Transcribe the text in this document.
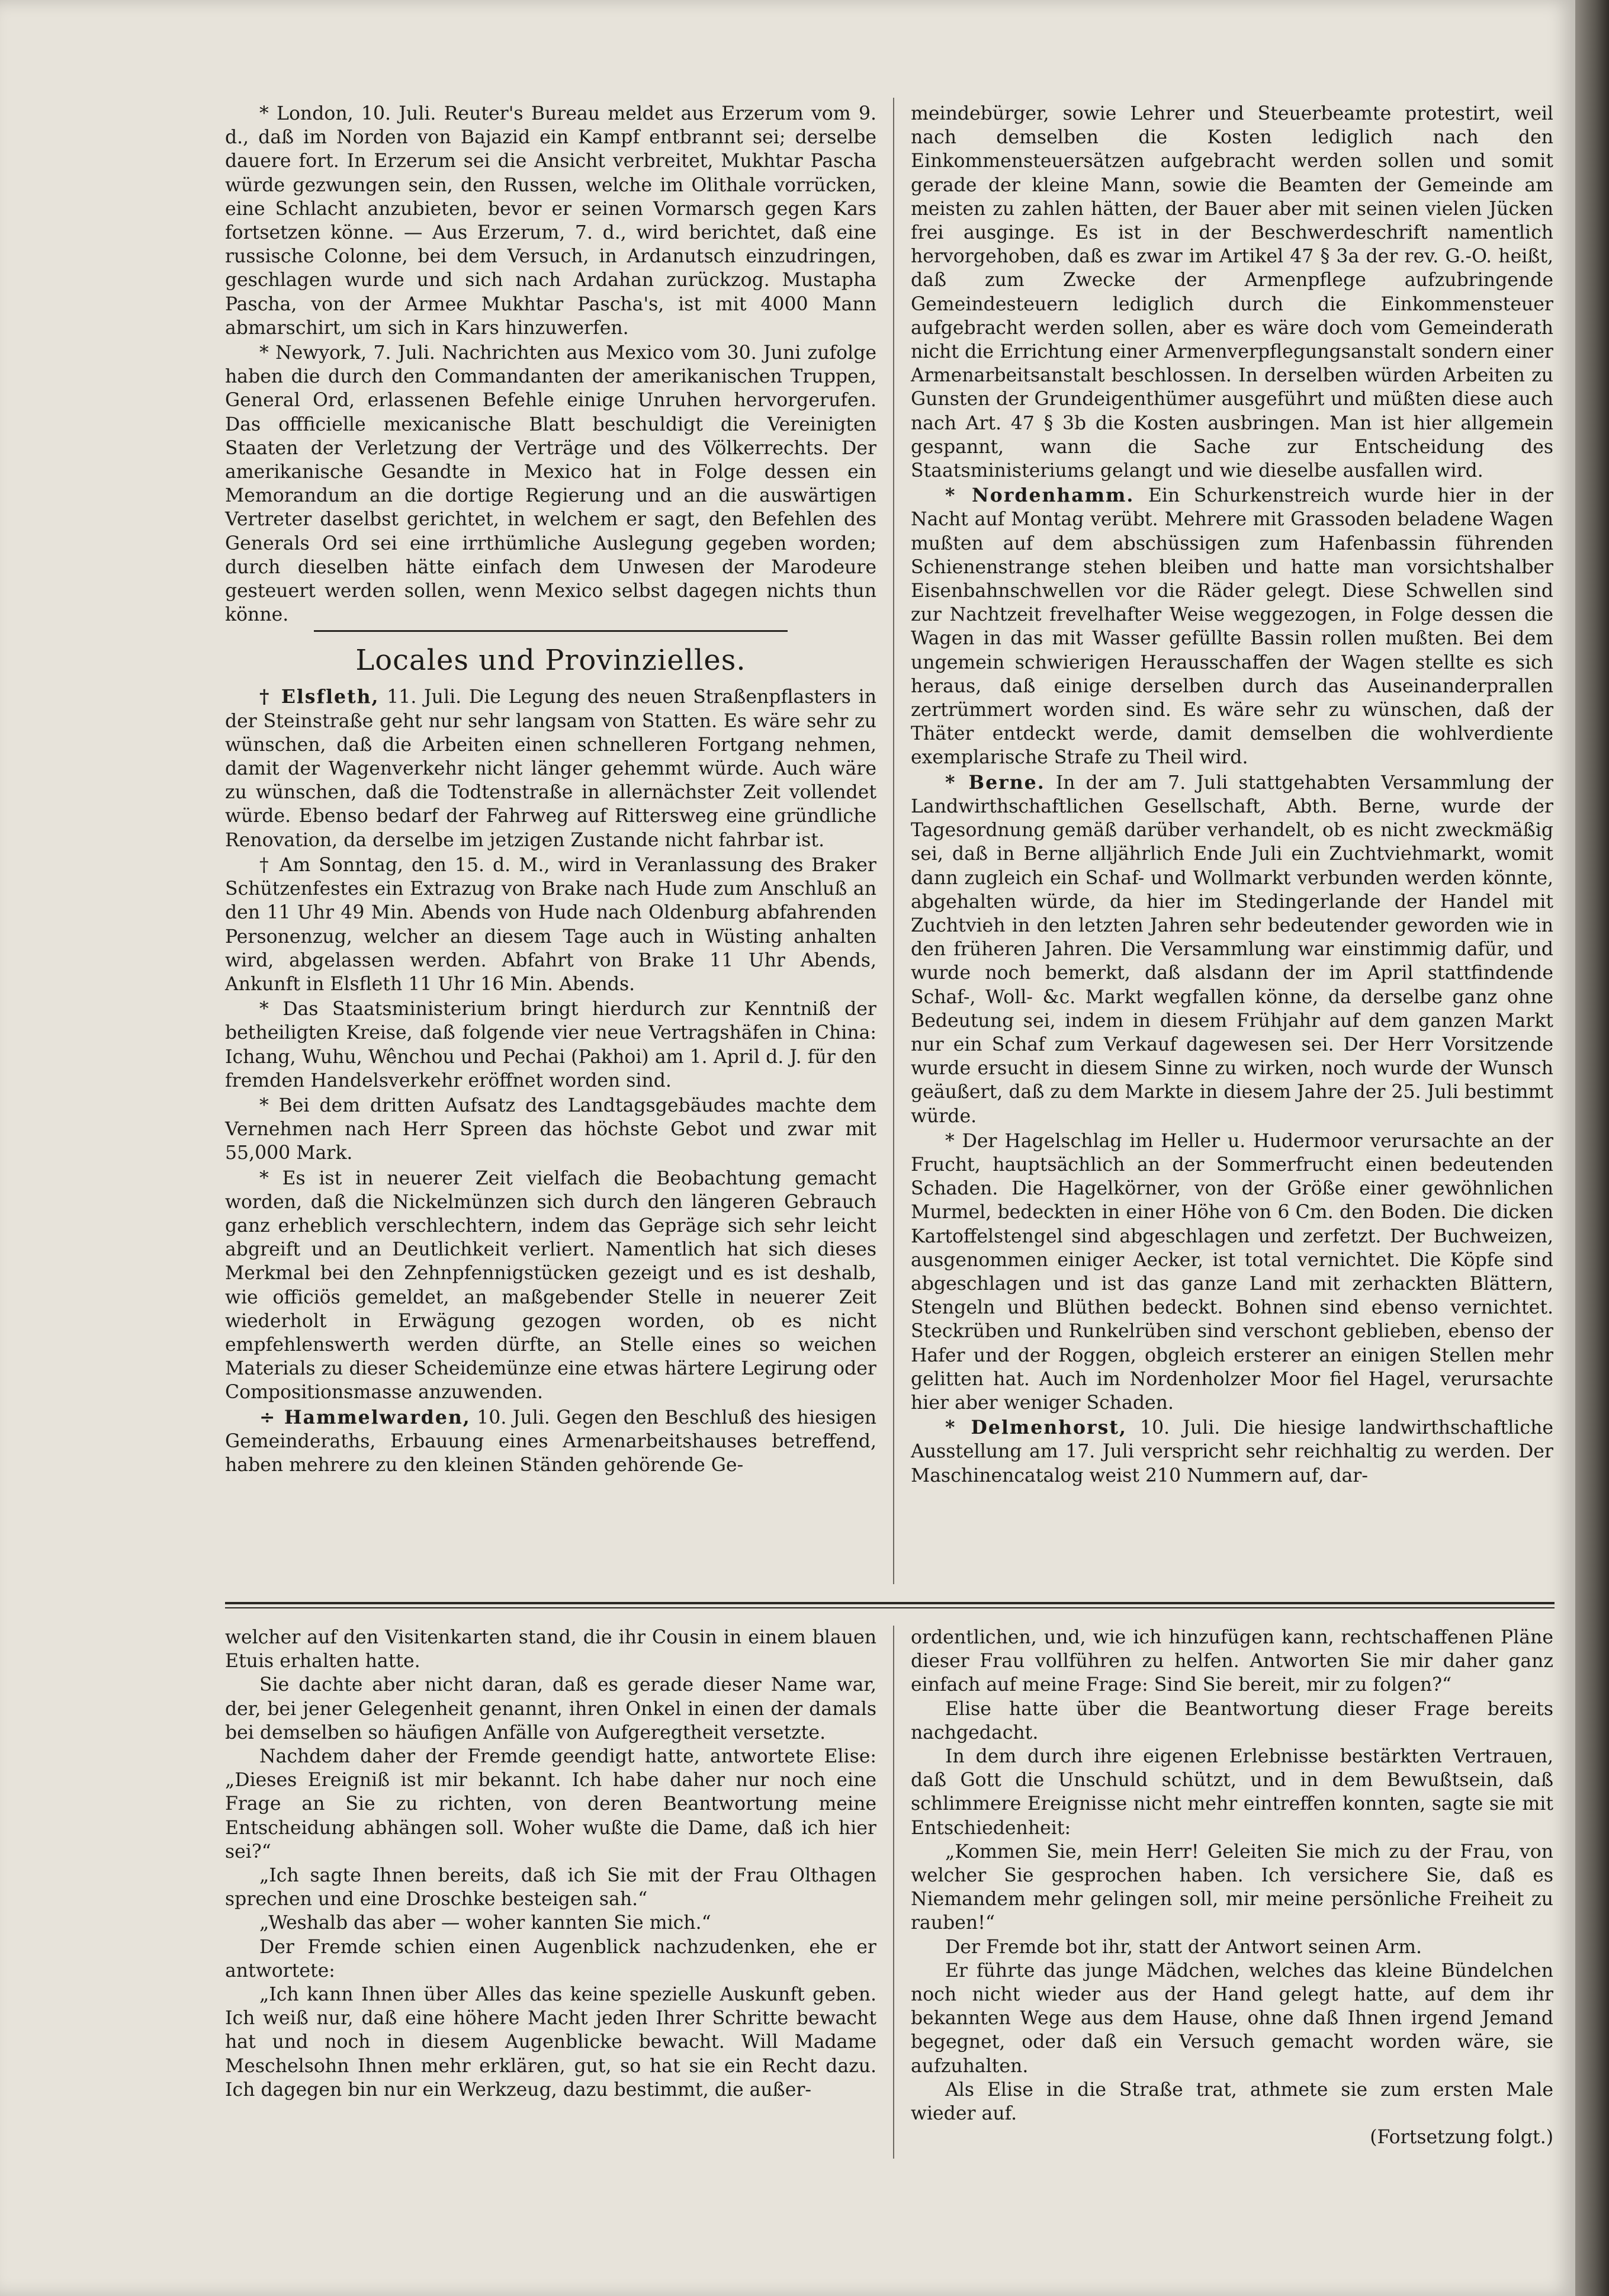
* London, 10. Juli. Reuter's Bureau meldet aus Erzerum vom 9. d., daß im Norden von Bajazid ein Kampf entbrannt sei; derselbe dauere fort. In Erzerum sei die Ansicht verbreitet, Mukhtar Pascha würde gezwungen sein, den Russen, welche im Olithale vorrücken, eine Schlacht anzubieten, bevor er seinen Vormarsch gegen Kars fortsetzen könne. — Aus Erzerum, 7. d., wird berichtet, daß eine russische Colonne, bei dem Versuch, in Ardanutsch einzudringen, geschlagen wurde und sich nach Ardahan zurückzog. Mustapha Pascha, von der Armee Mukhtar Pascha's, ist mit 4000 Mann abmarschirt, um sich in Kars hinzuwerfen.

* Newyork, 7. Juli. Nachrichten aus Mexico vom 30. Juni zufolge haben die durch den Commandanten der amerikanischen Truppen, General Ord, erlassenen Befehle einige Unruhen hervorgerufen. Das offficielle mexicanische Blatt beschuldigt die Vereinigten Staaten der Verletzung der Verträge und des Völkerrechts. Der amerikanische Gesandte in Mexico hat in Folge dessen ein Memorandum an die dortige Regierung und an die auswärtigen Vertreter daselbst gerichtet, in welchem er sagt, den Befehlen des Generals Ord sei eine irrthümliche Auslegung gegeben worden; durch dieselben hätte einfach dem Unwesen der Marodeure gesteuert werden sollen, wenn Mexico selbst dagegen nichts thun könne.

Locales und Provinzielles.

† Elsfleth, 11. Juli. Die Legung des neuen Straßenpflasters in der Steinstraße geht nur sehr langsam von Statten. Es wäre sehr zu wünschen, daß die Arbeiten einen schnelleren Fortgang nehmen, damit der Wagenverkehr nicht länger gehemmt würde. Auch wäre zu wünschen, daß die Todtenstraße in allernächster Zeit vollendet würde. Ebenso bedarf der Fahrweg auf Rittersweg eine gründliche Renovation, da derselbe im jetzigen Zustande nicht fahrbar ist.

† Am Sonntag, den 15. d. M., wird in Veranlassung des Braker Schützenfestes ein Extrazug von Brake nach Hude zum Anschluß an den 11 Uhr 49 Min. Abends von Hude nach Oldenburg abfahrenden Personenzug, welcher an diesem Tage auch in Wüsting anhalten wird, abgelassen werden. Abfahrt von Brake 11 Uhr Abends, Ankunft in Elsfleth 11 Uhr 16 Min. Abends.

* Das Staatsministerium bringt hierdurch zur Kenntniß der betheiligten Kreise, daß folgende vier neue Vertragshäfen in China: Ichang, Wuhu, Wênchou und Pechai (Pakhoi) am 1. April d. J. für den fremden Handelsverkehr eröffnet worden sind.

* Bei dem dritten Aufsatz des Landtagsgebäudes machte dem Vernehmen nach Herr Spreen das höchste Gebot und zwar mit 55,000 Mark.

* Es ist in neuerer Zeit vielfach die Beobachtung gemacht worden, daß die Nickelmünzen sich durch den längeren Gebrauch ganz erheblich verschlechtern, indem das Gepräge sich sehr leicht abgreift und an Deutlichkeit verliert. Namentlich hat sich dieses Merkmal bei den Zehnpfennigstücken gezeigt und es ist deshalb, wie officiös gemeldet, an maßgebender Stelle in neuerer Zeit wiederholt in Erwägung gezogen worden, ob es nicht empfehlenswerth werden dürfte, an Stelle eines so weichen Materials zu dieser Scheidemünze eine etwas härtere Legirung oder Compositionsmasse anzuwenden.

÷ Hammelwarden, 10. Juli. Gegen den Beschluß des hiesigen Gemeinderaths, Erbauung eines Armenarbeitshauses betreffend, haben mehrere zu den kleinen Ständen gehörende Ge-

meindebürger, sowie Lehrer und Steuerbeamte protestirt, weil nach demselben die Kosten lediglich nach den Einkommensteuersätzen aufgebracht werden sollen und somit gerade der kleine Mann, sowie die Beamten der Gemeinde am meisten zu zahlen hätten, der Bauer aber mit seinen vielen Jücken frei ausginge. Es ist in der Beschwerdeschrift namentlich hervorgehoben, daß es zwar im Artikel 47 § 3a der rev. G.-O. heißt, daß zum Zwecke der Armenpflege aufzubringende Gemeindesteuern lediglich durch die Einkommensteuer aufgebracht werden sollen, aber es wäre doch vom Gemeinderath nicht die Errichtung einer Armenverpflegungsanstalt sondern einer Armenarbeitsanstalt beschlossen. In derselben würden Arbeiten zu Gunsten der Grundeigenthümer ausgeführt und müßten diese auch nach Art. 47 § 3b die Kosten ausbringen. Man ist hier allgemein gespannt, wann die Sache zur Entscheidung des Staatsministeriums gelangt und wie dieselbe ausfallen wird.

* Nordenhamm. Ein Schurkenstreich wurde hier in der Nacht auf Montag verübt. Mehrere mit Grassoden beladene Wagen mußten auf dem abschüssigen zum Hafenbassin führenden Schienenstrange stehen bleiben und hatte man vorsichtshalber Eisenbahnschwellen vor die Räder gelegt. Diese Schwellen sind zur Nachtzeit frevelhafter Weise weggezogen, in Folge dessen die Wagen in das mit Wasser gefüllte Bassin rollen mußten. Bei dem ungemein schwierigen Herausschaffen der Wagen stellte es sich heraus, daß einige derselben durch das Auseinanderprallen zertrümmert worden sind. Es wäre sehr zu wünschen, daß der Thäter entdeckt werde, damit demselben die wohlverdiente exemplarische Strafe zu Theil wird.

* Berne. In der am 7. Juli stattgehabten Versammlung der Landwirthschaftlichen Gesellschaft, Abth. Berne, wurde der Tagesordnung gemäß darüber verhandelt, ob es nicht zweckmäßig sei, daß in Berne alljährlich Ende Juli ein Zuchtviehmarkt, womit dann zugleich ein Schaf- und Wollmarkt verbunden werden könnte, abgehalten würde, da hier im Stedingerlande der Handel mit Zuchtvieh in den letzten Jahren sehr bedeutender geworden wie in den früheren Jahren. Die Versammlung war einstimmig dafür, und wurde noch bemerkt, daß alsdann der im April stattfindende Schaf-, Woll- &c. Markt wegfallen könne, da derselbe ganz ohne Bedeutung sei, indem in diesem Frühjahr auf dem ganzen Markt nur ein Schaf zum Verkauf dagewesen sei. Der Herr Vorsitzende wurde ersucht in diesem Sinne zu wirken, noch wurde der Wunsch geäußert, daß zu dem Markte in diesem Jahre der 25. Juli bestimmt würde.

* Der Hagelschlag im Heller u. Hudermoor verursachte an der Frucht, hauptsächlich an der Sommerfrucht einen bedeutenden Schaden. Die Hagelkörner, von der Größe einer gewöhnlichen Murmel, bedeckten in einer Höhe von 6 Cm. den Boden. Die dicken Kartoffelstengel sind abgeschlagen und zerfetzt. Der Buchweizen, ausgenommen einiger Aecker, ist total vernichtet. Die Köpfe sind abgeschlagen und ist das ganze Land mit zerhackten Blättern, Stengeln und Blüthen bedeckt. Bohnen sind ebenso vernichtet. Steckrüben und Runkelrüben sind verschont geblieben, ebenso der Hafer und der Roggen, obgleich ersterer an einigen Stellen mehr gelitten hat. Auch im Nordenholzer Moor fiel Hagel, verursachte hier aber weniger Schaden.

* Delmenhorst, 10. Juli. Die hiesige landwirthschaftliche Ausstellung am 17. Juli verspricht sehr reichhaltig zu werden. Der Maschinencatalog weist 210 Nummern auf, dar-

welcher auf den Visitenkarten stand, die ihr Cousin in einem blauen Etuis erhalten hatte.

Sie dachte aber nicht daran, daß es gerade dieser Name war, der, bei jener Gelegenheit genannt, ihren Onkel in einen der damals bei demselben so häufigen Anfälle von Aufgeregtheit versetzte.

Nachdem daher der Fremde geendigt hatte, antwortete Elise: „Dieses Ereigniß ist mir bekannt. Ich habe daher nur noch eine Frage an Sie zu richten, von deren Beantwortung meine Entscheidung abhängen soll. Woher wußte die Dame, daß ich hier sei?“

„Ich sagte Ihnen bereits, daß ich Sie mit der Frau Olthagen sprechen und eine Droschke besteigen sah.“

„Weshalb das aber — woher kannten Sie mich.“

Der Fremde schien einen Augenblick nachzudenken, ehe er antwortete:

„Ich kann Ihnen über Alles das keine spezielle Auskunft geben. Ich weiß nur, daß eine höhere Macht jeden Ihrer Schritte bewacht hat und noch in diesem Augenblicke bewacht. Will Madame Meschelsohn Ihnen mehr erklären, gut, so hat sie ein Recht dazu. Ich dagegen bin nur ein Werkzeug, dazu bestimmt, die außer-

ordentlichen, und, wie ich hinzufügen kann, rechtschaffenen Pläne dieser Frau vollführen zu helfen. Antworten Sie mir daher ganz einfach auf meine Frage: Sind Sie bereit, mir zu folgen?“

Elise hatte über die Beantwortung dieser Frage bereits nachgedacht.

In dem durch ihre eigenen Erlebnisse bestärkten Vertrauen, daß Gott die Unschuld schützt, und in dem Bewußtsein, daß schlimmere Ereignisse nicht mehr eintreffen konnten, sagte sie mit Entschiedenheit:

„Kommen Sie, mein Herr! Geleiten Sie mich zu der Frau, von welcher Sie gesprochen haben. Ich versichere Sie, daß es Niemandem mehr gelingen soll, mir meine persönliche Freiheit zu rauben!“

Der Fremde bot ihr, statt der Antwort seinen Arm.

Er führte das junge Mädchen, welches das kleine Bündelchen noch nicht wieder aus der Hand gelegt hatte, auf dem ihr bekannten Wege aus dem Hause, ohne daß Ihnen irgend Jemand begegnet, oder daß ein Versuch gemacht worden wäre, sie aufzuhalten.

Als Elise in die Straße trat, athmete sie zum ersten Male wieder auf.

(Fortsetzung folgt.)
